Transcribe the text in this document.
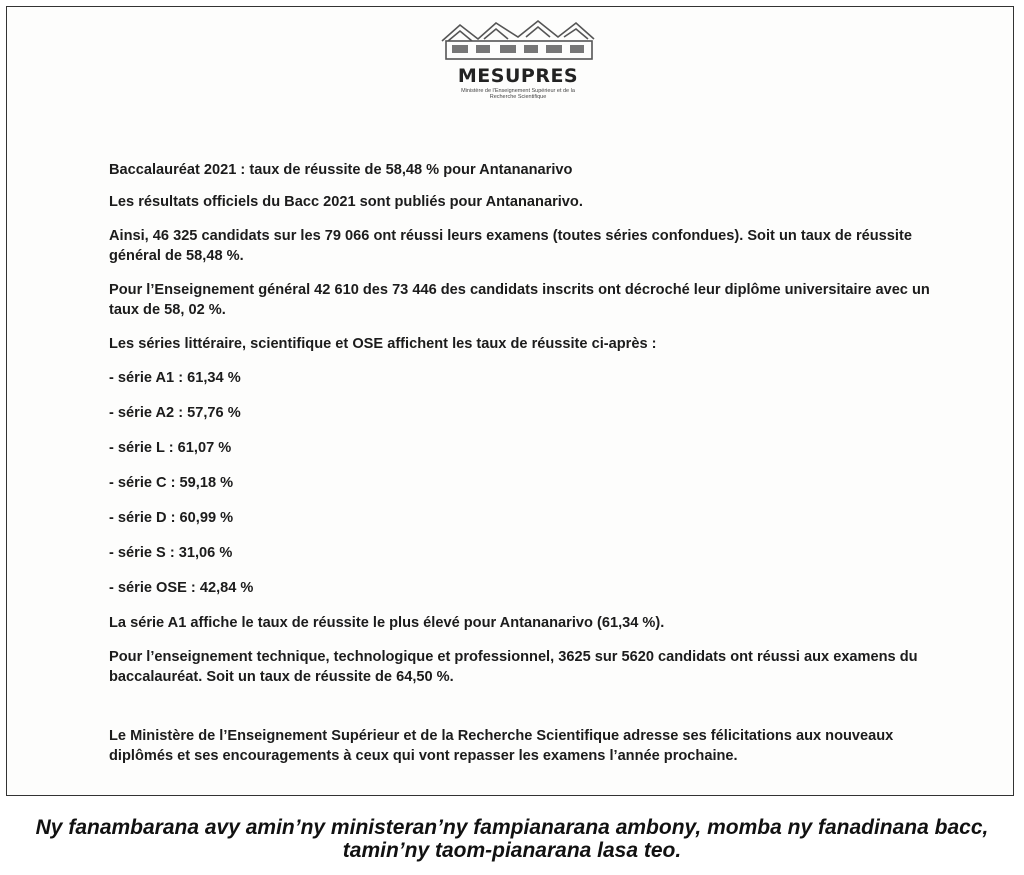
MESUPRES
Ministère de l'Enseignement Supérieur et de la Recherche Scientifique

Baccalauréat 2021 : taux de réussite de 58,48 % pour Antananarivo

Les résultats officiels du Bacc 2021 sont publiés pour Antananarivo.

Ainsi, 46 325 candidats sur les 79 066 ont réussi leurs examens (toutes séries confondues). Soit un taux de réussite général de 58,48 %.

Pour l’Enseignement général 42 610 des 73 446 des candidats inscrits ont décroché leur diplôme universitaire avec un taux de 58, 02 %.

Les séries littéraire, scientifique et OSE affichent les taux de réussite ci-après :

- série A1 : 61,34 %

- série A2 : 57,76 %

- série L : 61,07 %

- série C : 59,18 %

- série D : 60,99 %

- série S : 31,06 %

- série OSE : 42,84 %

La série A1 affiche le taux de réussite le plus élevé pour Antananarivo (61,34 %).

Pour l’enseignement technique, technologique et professionnel, 3625 sur 5620 candidats ont réussi aux examens du baccalauréat. Soit un taux de réussite de 64,50 %.

Le Ministère de l’Enseignement Supérieur et de la Recherche Scientifique adresse ses félicitations aux nouveaux diplômés et ses encouragements à ceux qui vont repasser les examens l’année prochaine.

Ny fanambarana avy amin’ny ministeran’ny fampianarana ambony, momba ny fanadinana bacc, tamin’ny taom-pianarana lasa teo.
